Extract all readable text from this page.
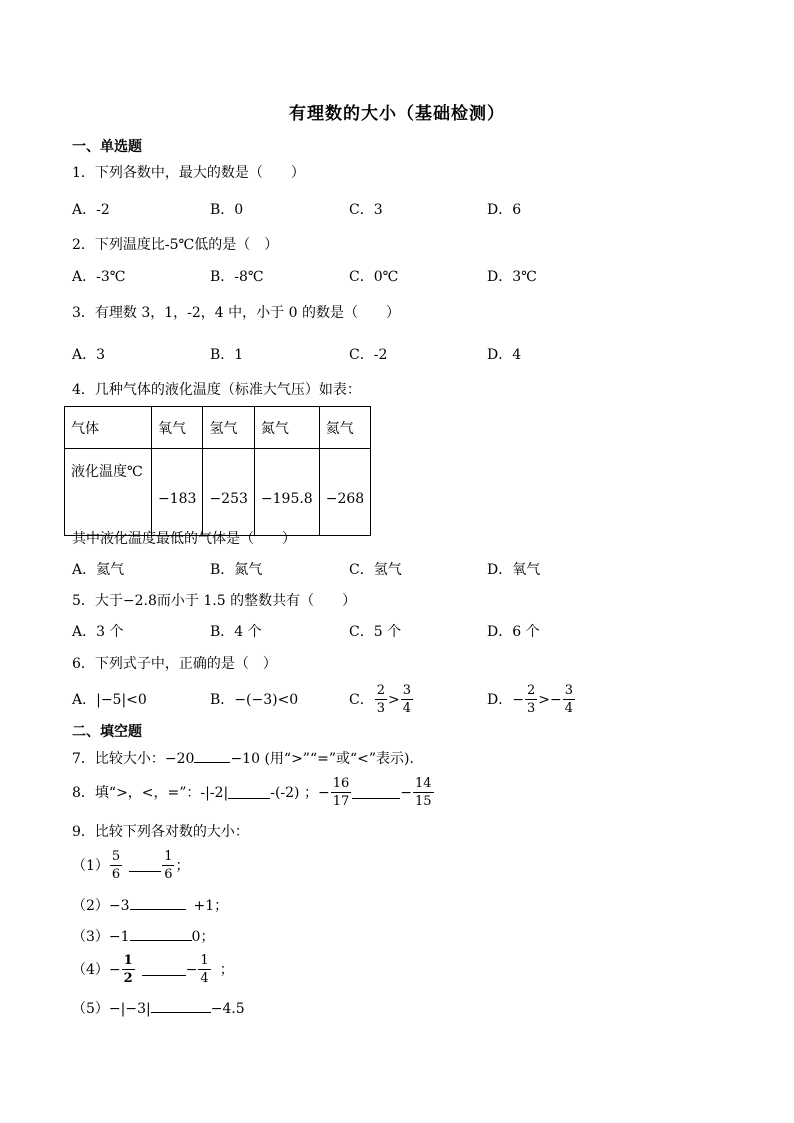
有理数的大小（基础检测）
一、单选题
1．下列各数中，最大的数是（　　）
A．-2	B．0	C．3	D．6
2．下列温度比-5℃低的是（　）
A．-3℃	B．-8℃	C．0℃	D．3℃
3．有理数 3，1，-2，4 中，小于 0 的数是（　　）
A．3	B．1	C．-2	D．4
4．几种气体的液化温度（标准大气压）如表：
气体	氧气	氢气	氮气	氦气
液化温度℃	−183	−253	−195.8	−268
其中液化温度最低的气体是（　　）
A．氦气	B．氮气	C．氢气	D．氧气
5．大于−2.8而小于 1.5 的整数共有（　　）
A．3 个	B．4 个	C．5 个	D．6 个
6．下列式子中，正确的是（　）
A．|−5|<0	B．−(−3)<0	C． $\frac{2}{3} > \frac{3}{4}$	D．− $\frac{2}{3} >- \frac{3}{4}$
二、填空题
7．比较大小：−20	−10 (用“>”“=”或“<”表示).
8．填“>，<，=”：-|-2|	-(-2) ；− $\frac{16}{17}$	− $\frac{14}{15}$
9．比较下列各对数的大小：
$(1) \frac{5}{6}$	$\frac{1}{6}$ ；
（2）−3	+1；
（3）−1	0；
$(4)- \frac{1}{2}$	− $\frac{1}{4}$ ；
（5）−|−3|	−4.5
